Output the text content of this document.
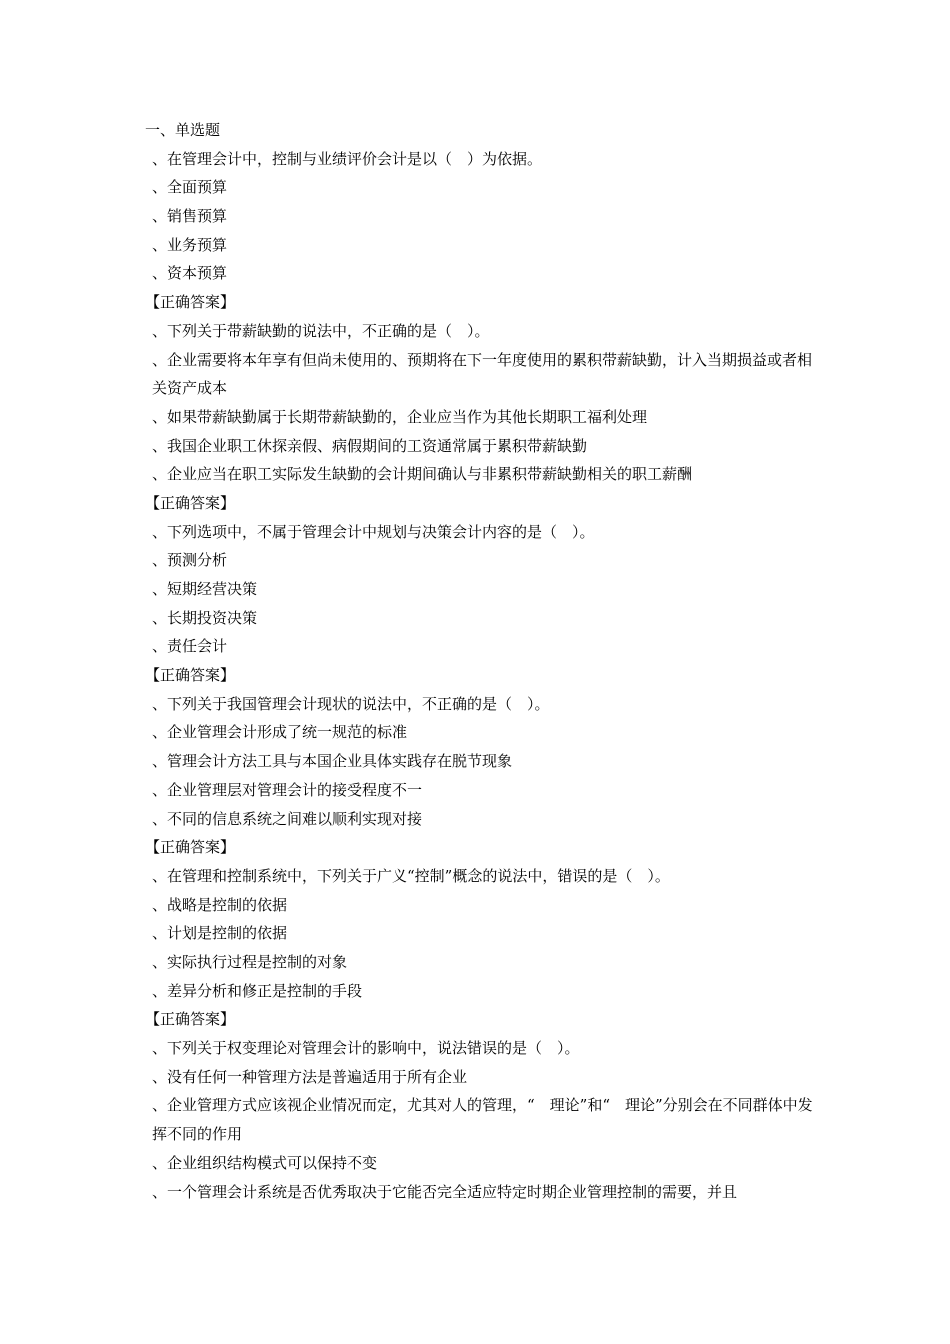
一、单选题
、在管理会计中，控制与业绩评价会计是以（　）为依据。
、全面预算
、销售预算
、业务预算
、资本预算
【正确答案】
、下列关于带薪缺勤的说法中，不正确的是（　）。
、企业需要将本年享有但尚未使用的、预期将在下一年度使用的累积带薪缺勤，计入当期损益或者相关资产成本
、如果带薪缺勤属于长期带薪缺勤的，企业应当作为其他长期职工福利处理
、我国企业职工休探亲假、病假期间的工资通常属于累积带薪缺勤
、企业应当在职工实际发生缺勤的会计期间确认与非累积带薪缺勤相关的职工薪酬
【正确答案】
、下列选项中，不属于管理会计中规划与决策会计内容的是（　）。
、预测分析
、短期经营决策
、长期投资决策
、责任会计
【正确答案】
、下列关于我国管理会计现状的说法中，不正确的是（　）。
、企业管理会计形成了统一规范的标准
、管理会计方法工具与本国企业具体实践存在脱节现象
、企业管理层对管理会计的接受程度不一
、不同的信息系统之间难以顺利实现对接
【正确答案】
、在管理和控制系统中，下列关于广义“控制”概念的说法中，错误的是（　）。
、战略是控制的依据
、计划是控制的依据
、实际执行过程是控制的对象
、差异分析和修正是控制的手段
【正确答案】
、下列关于权变理论对管理会计的影响中，说法错误的是（　）。
、没有任何一种管理方法是普遍适用于所有企业
、企业管理方式应该视企业情况而定，尤其对人的管理，“　理论”和“　理论”分别会在不同群体中发挥不同的作用
、企业组织结构模式可以保持不变
、一个管理会计系统是否优秀取决于它能否完全适应特定时期企业管理控制的需要，并且
